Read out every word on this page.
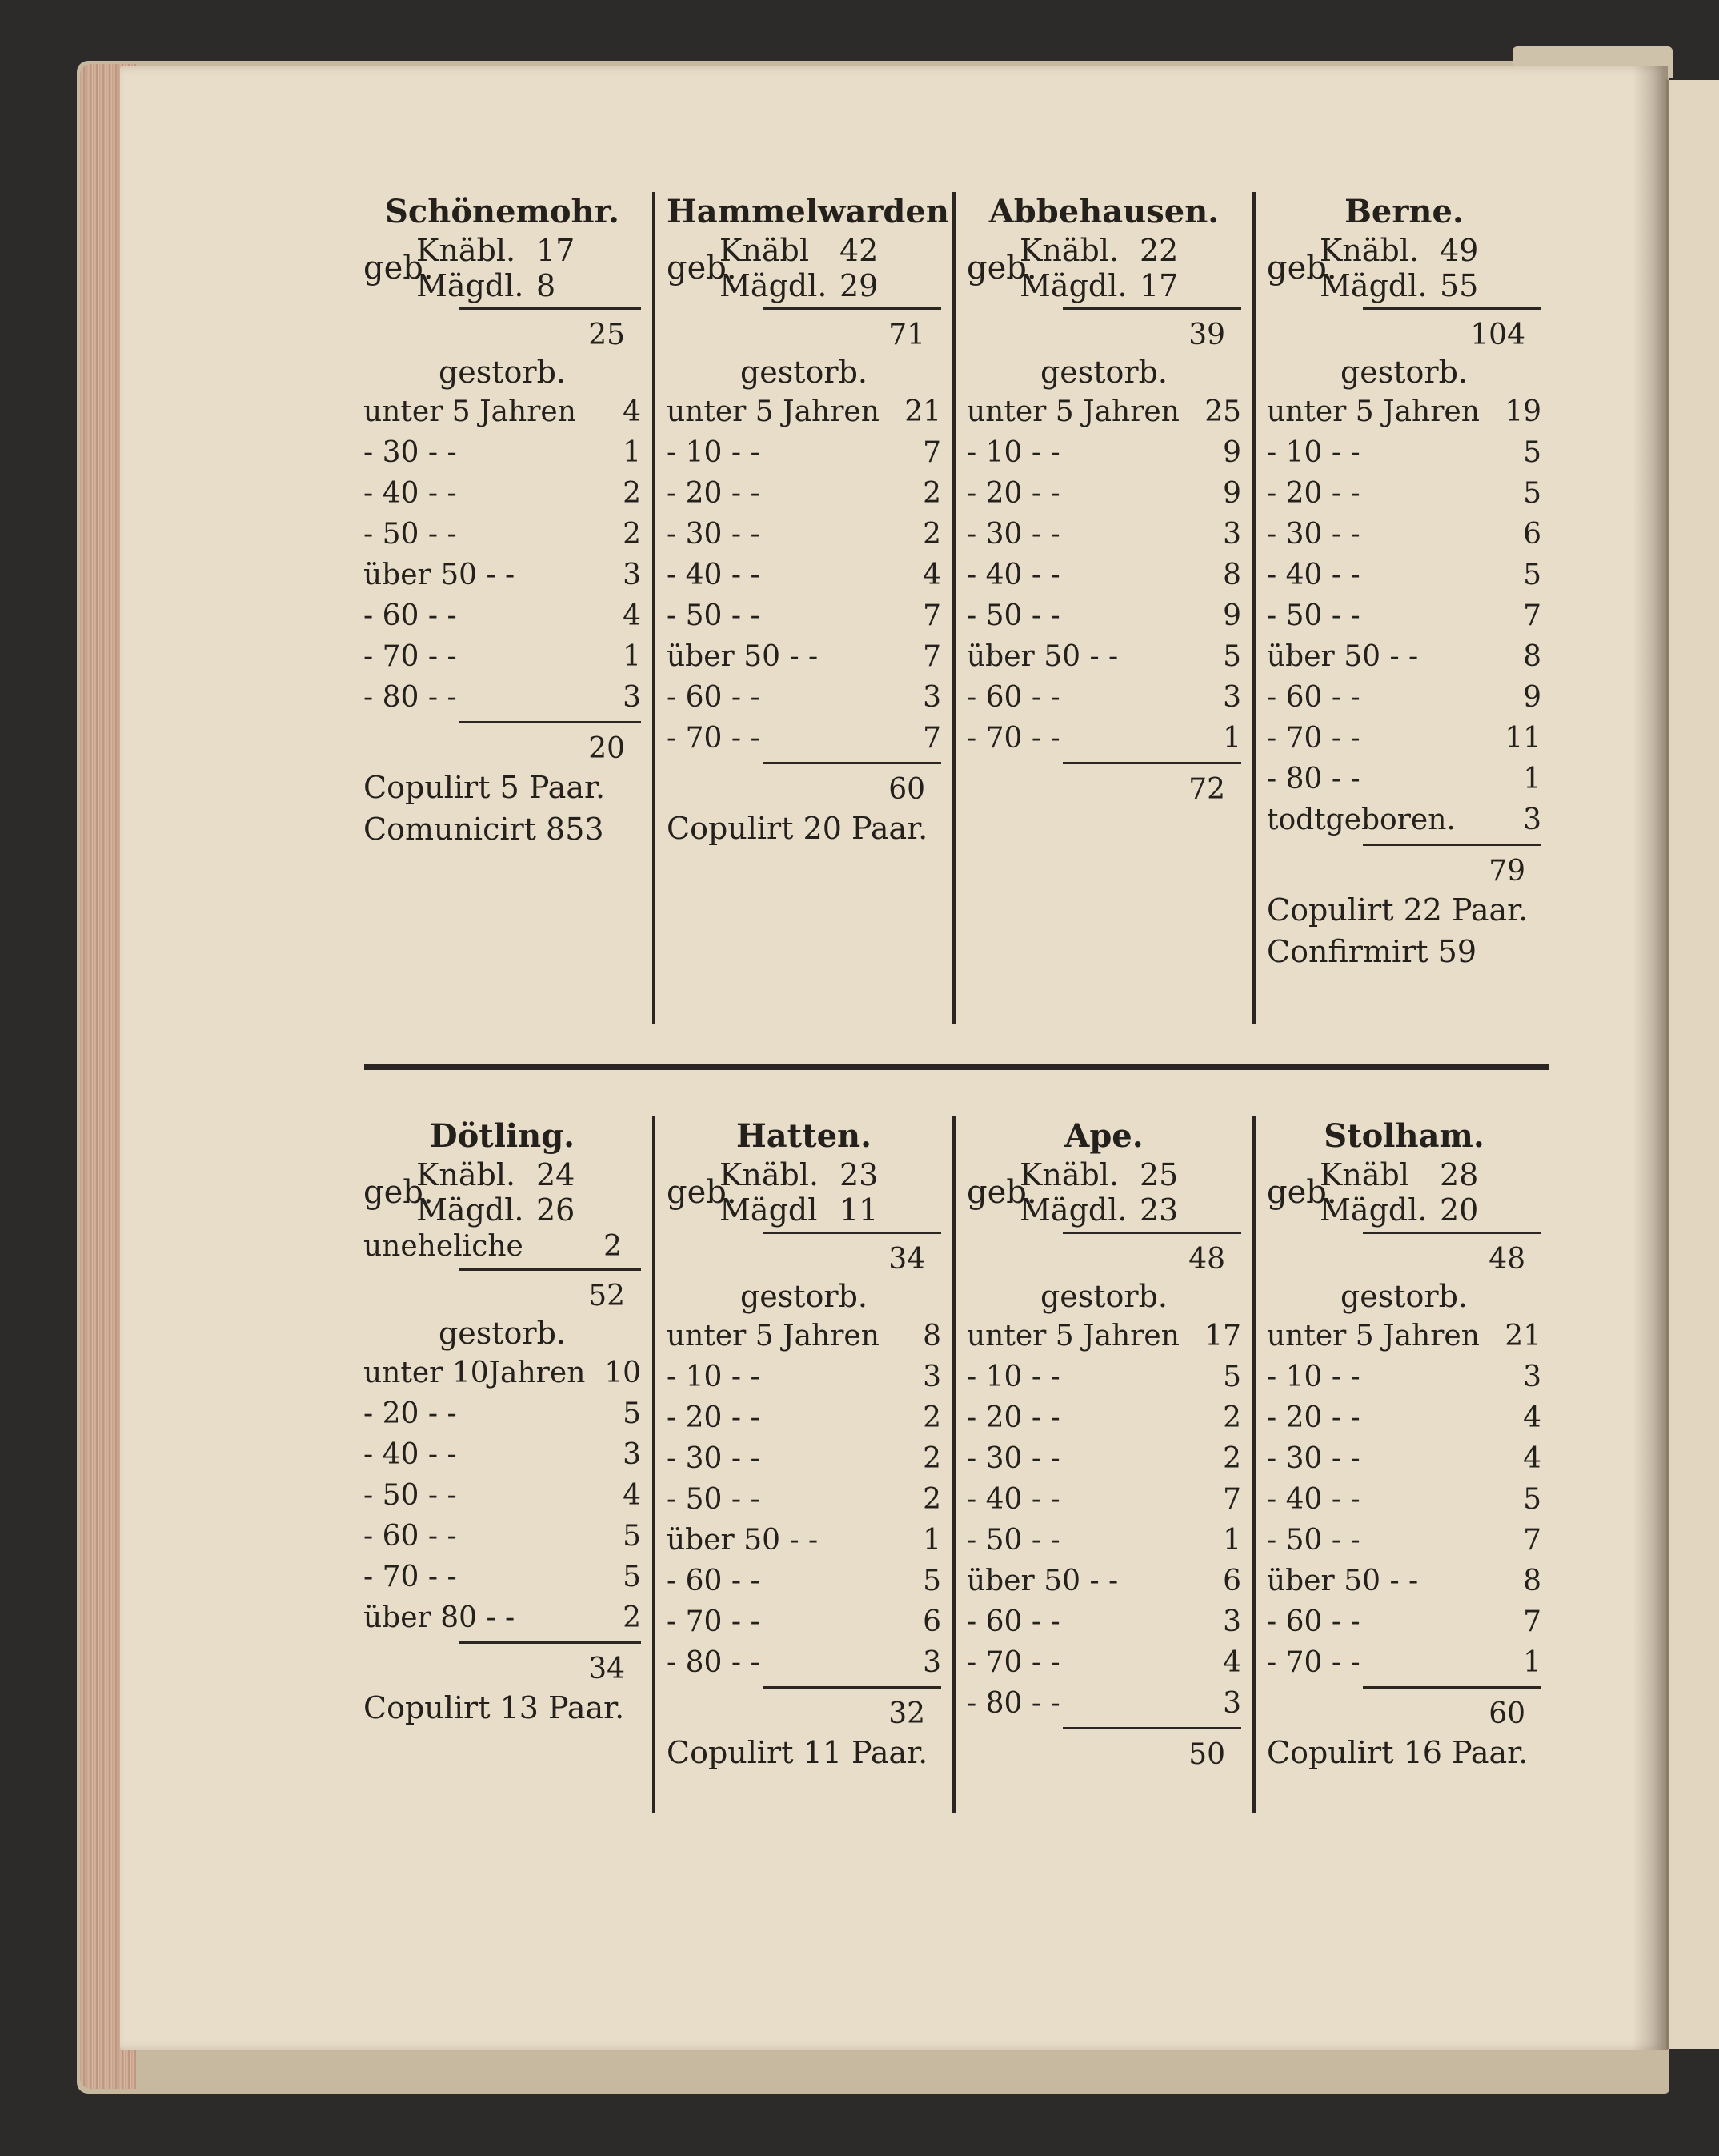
Schönemohr.
geb.
Knäbl. 17
Mägdl. 8
25
gestorb.
unter 5 Jahren	4
- 30 - -	1
- 40 - -	2
- 50 - -	2
über 50 - -	3
- 60 - -	4
- 70 - -	1
- 80 - -	3
20
Copulirt 5 Paar.
Comunicirt 853
Hammelwarden
geb.
Knäbl	42
Mägdl. 29
71
gestorb.
unter 5 Jahren 21
- 10 - -	7
- 20 - -	2
- 30 - -	2
- 40 - -	4
- 50 - -	7
über 50 - -	7
- 60 - -	3
- 70 - -	7
60
Copulirt 20 Paar.
Abbehausen.
geb.
Knäbl. 22
Mägdl. 17
39
gestorb.
unter 5 Jahren 25
- 10 - -	9
- 20 - -	9
- 30 - -	3
- 40 - -	8
- 50 - -	9
über 50 - -	5
- 60 - -	3
- 70 - -	1
72
Berne.
geb.
Knäbl. 49
Mägdl. 55
104
gestorb.
unter 5 Jahren 19
- 10 - -	5
- 20 - -	5
- 30 - -	6
- 40 - -	5
- 50 - -	7
über 50 - -	8
- 60 - -	9
- 70 - -	11
- 80 - -	1
todtgeboren.	3
79
Copulirt 22 Paar.
Confirmirt 59
Dötling.
geb.
Knäbl. 24
Mägdl. 26
uneheliche	2
52
gestorb.
unter 10Jahren 10
- 20 - -	5
- 40 - -	3
- 50 - -	4
- 60 - -	5
- 70 - -	5
über 80 - -	2
34
Copulirt 13 Paar.
Hatten.
geb.
Knäbl. 23
Mägdl 11
34
gestorb.
unter 5 Jahren	8
- 10 - -	3
- 20 - -	2
- 30 - -	2
- 50 - -	2
über 50 - -	1
- 60 - -	5
- 70 - -	6
- 80 - -	3
32
Copulirt 11 Paar.
Ape.
geb.
Knäbl. 25
Mägdl. 23
48
gestorb.
unter 5 Jahren 17
- 10 - -	5
- 20 - -	2
- 30 - -	2
- 40 - -	7
- 50 - -	1
über 50 - -	6
- 60 - -	3
- 70 - -	4
- 80 - -	3
50
Stolham.
geb.
Knäbl	28
Mägdl. 20
48
gestorb.
unter 5 Jahren 21
- 10 - -	3
- 20 - -	4
- 30 - -	4
- 40 - -	5
- 50 - -	7
über 50 - -	8
- 60 - -	7
- 70 - -	1
60
Copulirt 16 Paar.
